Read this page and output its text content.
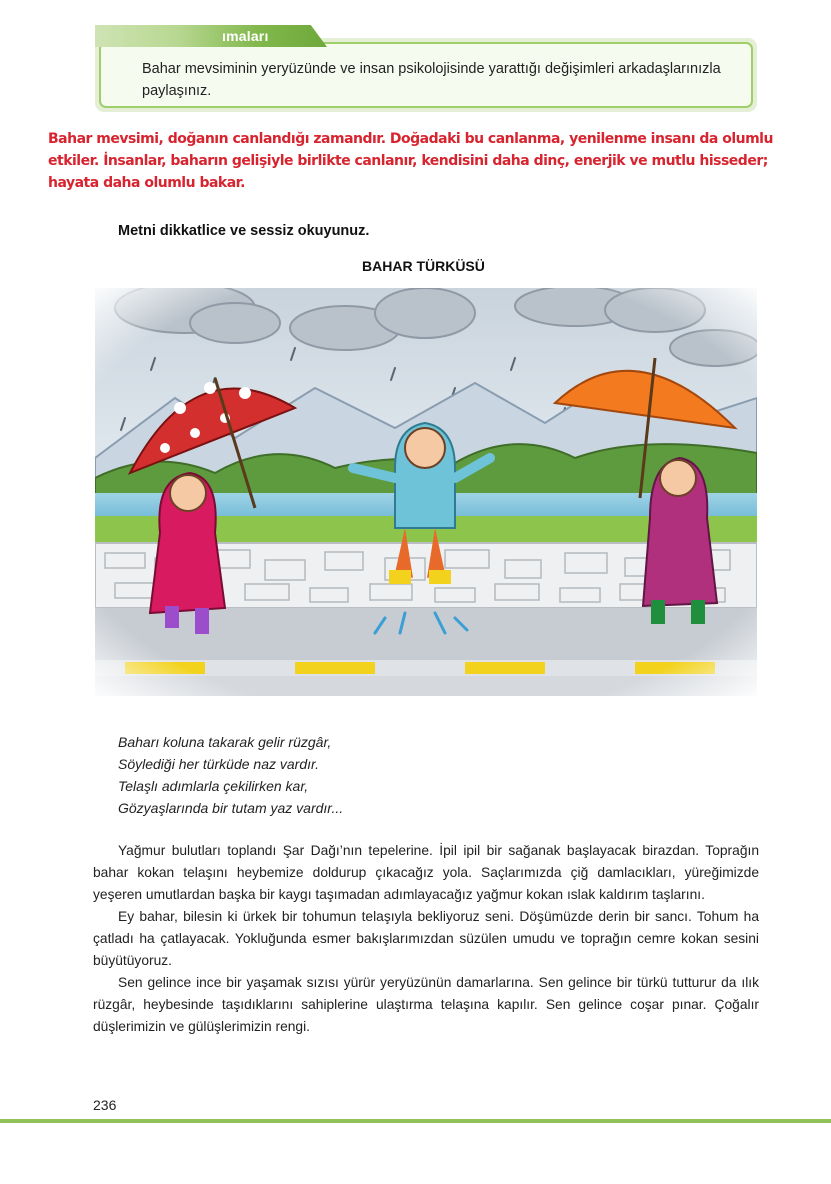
ımaları
Bahar mevsiminin yeryüzünde ve insan psikolojisinde yarattığı değişimleri arkadaşlarınızla paylaşınız.
Bahar mevsimi, doğanın canlandığı zamandır. Doğadaki bu canlanma, yenilenme insanı da olumlu etkiler. İnsanlar, baharın gelişiyle birlikte canlanır, kendisini daha dinç, enerjik ve mutlu hisseder; hayata daha olumlu bakar.
Metni dikkatlice ve sessiz okuyunuz.
BAHAR TÜRKÜSÜ
Baharı koluna takarak gelir rüzgâr,
Söylediği her türküde naz vardır.
Telaşlı adımlarla çekilirken kar,
Gözyaşlarında bir tutam yaz vardır...

Yağmur bulutları toplandı Şar Dağı’nın tepelerine. İpil ipil bir sağanak başlayacak birazdan. Toprağın bahar kokan telaşını heybemize doldurup çıkacağız yola. Saçlarımızda çiğ damlacıkları, yüreğimizde yeşeren umutlardan başka bir kaygı taşımadan adımlayacağız yağmur kokan ıslak kaldırım taşlarını.

Ey bahar, bilesin ki ürkek bir tohumun telaşıyla bekliyoruz seni. Döşümüzde derin bir sancı. Tohum ha çatladı ha çatlayacak. Yokluğunda esmer bakışlarımızdan süzülen umudu ve toprağın cemre kokan sesini büyütüyoruz.

Sen gelince ince bir yaşamak sızısı yürür yeryüzünün damarlarına. Sen gelince bir türkü tutturur da ılık rüzgâr, heybesinde taşıdıklarını sahiplerine ulaştırma telaşına kapılır. Sen gelince coşar pınar. Çoğalır düşlerimizin ve gülüşlerimizin rengi.

236
